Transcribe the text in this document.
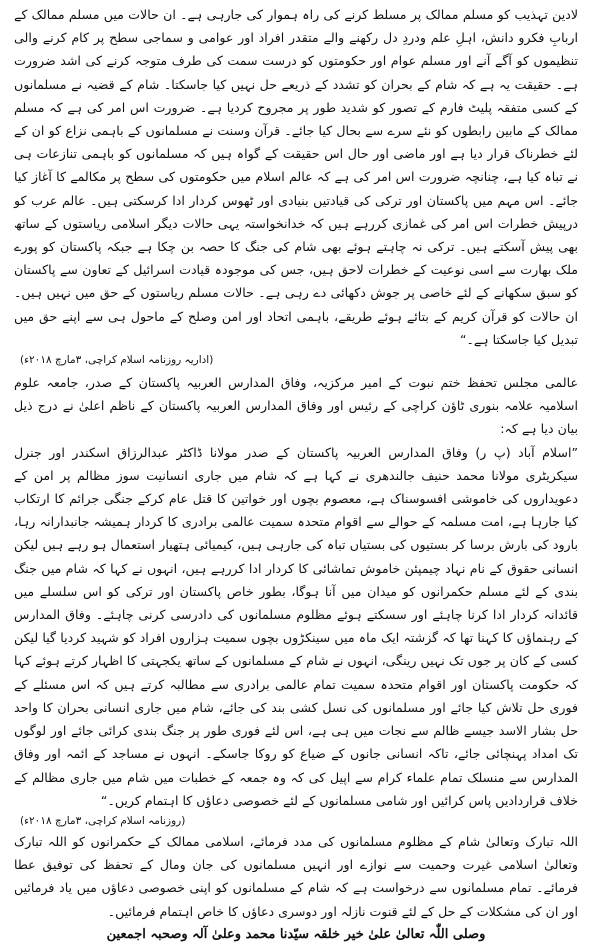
لادین تہذیب کو مسلم ممالک پر مسلط کرنے کی راہ ہموار کی جارہی ہے۔ ان حالات میں مسلم ممالک کے اربابِ فکرو دانش، اہلِ علم ودردِ دل رکھنے والے متقدر افراد اور عوامی و سماجی سطح پر کام کرنے والی تنظیموں کو آگے آنے اور مسلم عوام اور حکومتوں کو درست سمت کی طرف متوجہ کرنے کی اشد ضرورت ہے۔ حقیقت یہ ہے کہ شام کے بحران کو تشدد کے ذریعے حل نہیں کیا جاسکتا۔ شام کے قضیہ نے مسلمانوں کے کسی متفقہ پلیٹ فارم کے تصور کو شدید طور پر مجروح کردیا ہے۔ ضرورت اس امر کی ہے کہ مسلم ممالک کے مابین رابطوں کو نئے سرے سے بحال کیا جائے۔ قرآن وسنت نے مسلمانوں کے باہمی نزاع کو ان کے لئے خطرناک قرار دیا ہے اور ماضی اور حال اس حقیقت کے گواہ ہیں کہ مسلمانوں کو باہمی تنازعات ہی نے تباہ کیا ہے، چنانچہ ضرورت اس امر کی ہے کہ عالم اسلام میں حکومتوں کی سطح پر مکالمے کا آغاز کیا جائے۔ اس مہم میں پاکستان اور ترکی کی قیادتیں بنیادی اور ٹھوس کردار ادا کرسکتی ہیں۔ عالم عرب کو درپیش خطرات اس امر کی غمازی کررہے ہیں کہ خدانخواستہ یہی حالات دیگر اسلامی ریاستوں کے ساتھ بھی پیش آسکتے ہیں۔ ترکی نہ چاہتے ہوئے بھی شام کی جنگ کا حصہ بن چکا ہے جبکہ پاکستان کو پورے ملک بھارت سے اسی نوعیت کے خطرات لاحق ہیں، جس کی موجودہ قیادت اسرائیل کے تعاون سے پاکستان کو سبق سکھانے کے لئے خاصی پر جوش دکھائی دے رہی ہے۔ حالات مسلم ریاستوں کے حق میں نہیں ہیں۔ ان حالات کو قرآن کریم کے بتائے ہوئے طریقے، باہمی اتحاد اور امن وصلح کے ماحول ہی سے اپنے حق میں تبدیل کیا جاسکتا ہے۔“

(اداریہ روزنامہ اسلام کراچی، ۳مارچ ۲۰۱۸ء)

عالمی مجلس تحفظ ختم نبوت کے امیر مرکزیہ، وفاق المدارس العربیہ پاکستان کے صدر، جامعہ علوم اسلامیہ علامہ بنوری ٹاؤن کراچی کے رئیس اور وفاق المدارس العربیہ پاکستان کے ناظم اعلیٰ نے درج ذیل بیان دیا ہے کہ:

”اسلام آباد (پ ر) وفاق المدارس العربیہ پاکستان کے صدر مولانا ڈاکٹر عبدالرزاق اسکندر اور جنرل سیکریٹری مولانا محمد حنیف جالندھری نے کہا ہے کہ شام میں جاری انسانیت سوز مظالم پر امن کے دعویداروں کی خاموشی افسوسناک ہے، معصوم بچوں اور خواتین کا قتل عام کرکے جنگی جرائم کا ارتکاب کیا جارہا ہے، امت مسلمہ کے حوالے سے اقوام متحدہ سمیت عالمی برادری کا کردار ہمیشہ جانبدارانہ رہا، بارود کی بارش برسا کر بستیوں کی بستیاں تباہ کی جارہی ہیں، کیمیائی ہتھیار استعمال ہو رہے ہیں لیکن انسانی حقوق کے نام نہاد چیمپئن خاموش تماشائی کا کردار ادا کررہے ہیں، انہوں نے کہا کہ شام میں جنگ بندی کے لئے مسلم حکمرانوں کو میدان میں آنا ہوگا، بطور خاص پاکستان اور ترکی کو اس سلسلے میں قائدانہ کردار ادا کرنا چاہئے اور سسکتے ہوئے مظلوم مسلمانوں کی دادرسی کرنی چاہئے۔ وفاق المدارس کے رہنماؤں کا کہنا تھا کہ گزشتہ ایک ماہ میں سینکڑوں بچوں سمیت ہزاروں افراد کو شہید کردیا گیا لیکن کسی کے کان پر جوں تک نہیں رینگی، انہوں نے شام کے مسلمانوں کے ساتھ یکجہتی کا اظہار کرتے ہوئے کہا کہ حکومت پاکستان اور اقوام متحدہ سمیت تمام عالمی برادری سے مطالبہ کرتے ہیں کہ اس مسئلے کے فوری حل تلاش کیا جائے اور مسلمانوں کی نسل کشی بند کی جائے، شام میں جاری انسانی بحران کا واحد حل بشار الاسد جیسے ظالم سے نجات میں ہی ہے، اس لئے فوری طور پر جنگ بندی کرائی جائے اور لوگوں تک امداد پہنچائی جائے، تاکہ انسانی جانوں کے ضیاع کو روکا جاسکے۔ انہوں نے مساجد کے ائمہ اور وفاق المدارس سے منسلک تمام علماء کرام سے اپیل کی کہ وہ جمعہ کے خطبات میں شام میں جاری مظالم کے خلاف قراردادیں پاس کرائیں اور شامی مسلمانوں کے لئے خصوصی دعاؤں کا اہتمام کریں۔“

(روزنامہ اسلام کراچی، ۳مارچ ۲۰۱۸ء)

اللہ تبارک وتعالیٰ شام کے مظلوم مسلمانوں کی مدد فرمائے، اسلامی ممالک کے حکمرانوں کو اللہ تبارک وتعالیٰ اسلامی غیرت وحمیت سے نوازے اور انہیں مسلمانوں کی جان ومال کے تحفظ کی توفیق عطا فرمائے۔ تمام مسلمانوں سے درخواست ہے کہ شام کے مسلمانوں کو اپنی خصوصی دعاؤں میں یاد فرمائیں اور ان کی مشکلات کے حل کے لئے قنوت نازلہ اور دوسری دعاؤں کا خاص اہتمام فرمائیں۔

وصلی اللّٰہ تعالیٰ علیٰ خیر خلقہ سیّدنا محمد وعلیٰ آلہ وصحبہ اجمعین
